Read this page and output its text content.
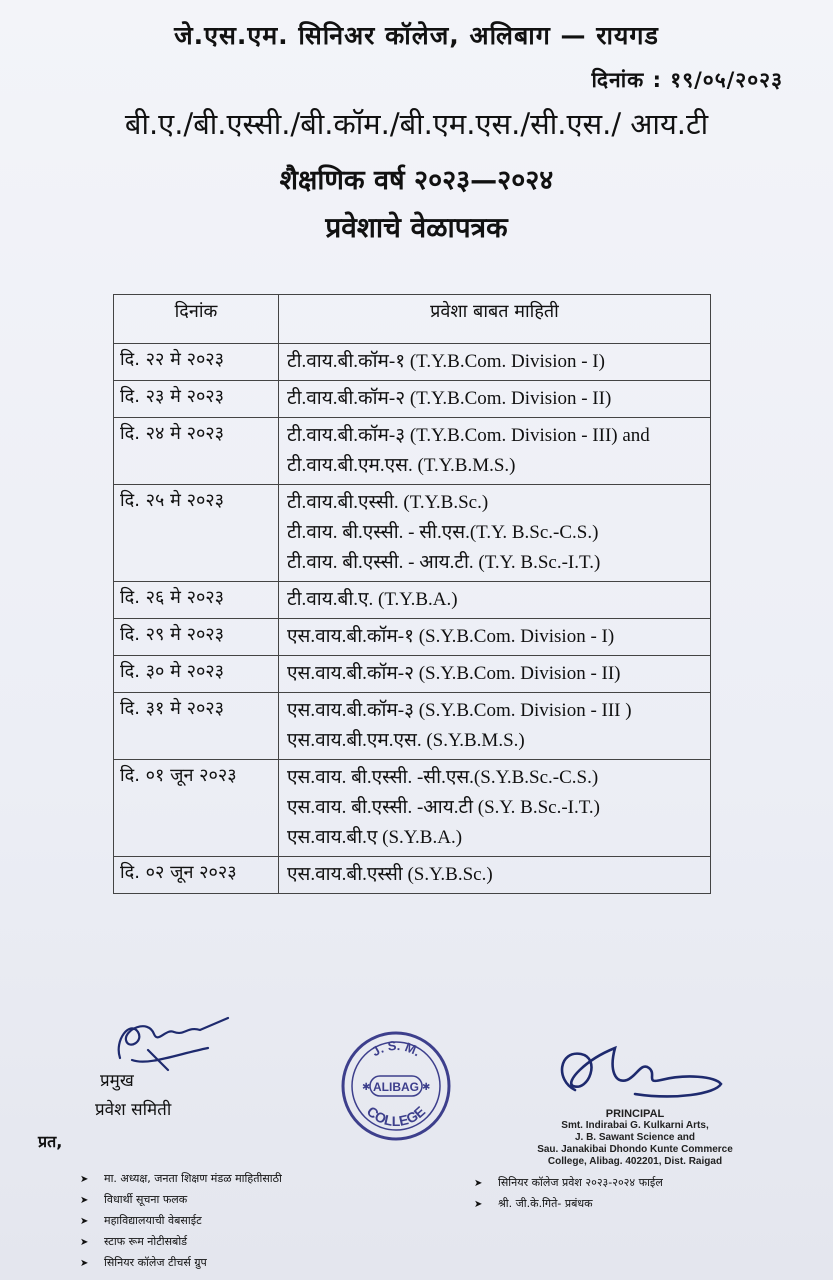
जे.एस.एम. सिनिअर कॉलेज, अलिबाग — रायगड
दिनांक : १९/०५/२०२३
बी.ए./बी.एस्सी./बी.कॉम./बी.एम.एस./सी.एस./ आय.टी
शैक्षणिक वर्ष २०२३—२०२४
प्रवेशाचे वेळापत्रक
दिनांक	प्रवेशा बाबत माहिती
दि. २२ मे २०२३	टी.वाय.बी.कॉम-१ (T.Y.B.Com. Division - I)

दि. २३ मे २०२३	टी.वाय.बी.कॉम-२ (T.Y.B.Com. Division - II)

दि. २४ मे २०२३	टी.वाय.बी.कॉम-३ (T.Y.B.Com. Division - III) and
टी.वाय.बी.एम.एस. (T.Y.B.M.S.)

दि. २५ मे २०२३	टी.वाय.बी.एस्सी. (T.Y.B.Sc.)
टी.वाय. बी.एस्सी. - सी.एस.(T.Y. B.Sc.-C.S.)
टी.वाय. बी.एस्सी. - आय.टी. (T.Y. B.Sc.-I.T.)

दि. २६ मे २०२३	टी.वाय.बी.ए. (T.Y.B.A.)

दि. २९ मे २०२३	एस.वाय.बी.कॉम-१ (S.Y.B.Com. Division - I)

दि. ३० मे २०२३	एस.वाय.बी.कॉम-२ (S.Y.B.Com. Division - II)

दि. ३१ मे २०२३	एस.वाय.बी.कॉम-३ (S.Y.B.Com. Division - III )
एस.वाय.बी.एम.एस. (S.Y.B.M.S.)

दि. ०१ जून २०२३	एस.वाय. बी.एस्सी. -सी.एस.(S.Y.B.Sc.-C.S.)
एस.वाय. बी.एस्सी. -आय.टी (S.Y. B.Sc.-I.T.)
एस.वाय.बी.ए (S.Y.B.A.)

दि. ०२ जून २०२३	एस.वाय.बी.एस्सी (S.Y.B.Sc.)
प्रमुख
प्रवेश समिती
J. S. M.
COLLEGE
ALIBAG
✱	✱
PRINCIPAL
Smt. Indirabai G. Kulkarni Arts,
J. B. Sawant Science and
Sau. Janakibai Dhondo Kunte Commerce
College, Alibag. 402201, Dist. Raigad
प्रत,
➤ मा. अध्यक्ष, जनता शिक्षण मंडळ माहितीसाठी
➤ विधार्थी सूचना फलक
➤ महाविद्यालयाची वेबसाईट
➤ स्टाफ रूम नोटीसबोर्ड
➤ सिनियर कॉलेज टीचर्स ग्रुप
➤ सिनियर कॉलेज प्रवेश २०२३-२०२४ फाईल
➤ श्री. जी.के.गिते- प्रबंधक
